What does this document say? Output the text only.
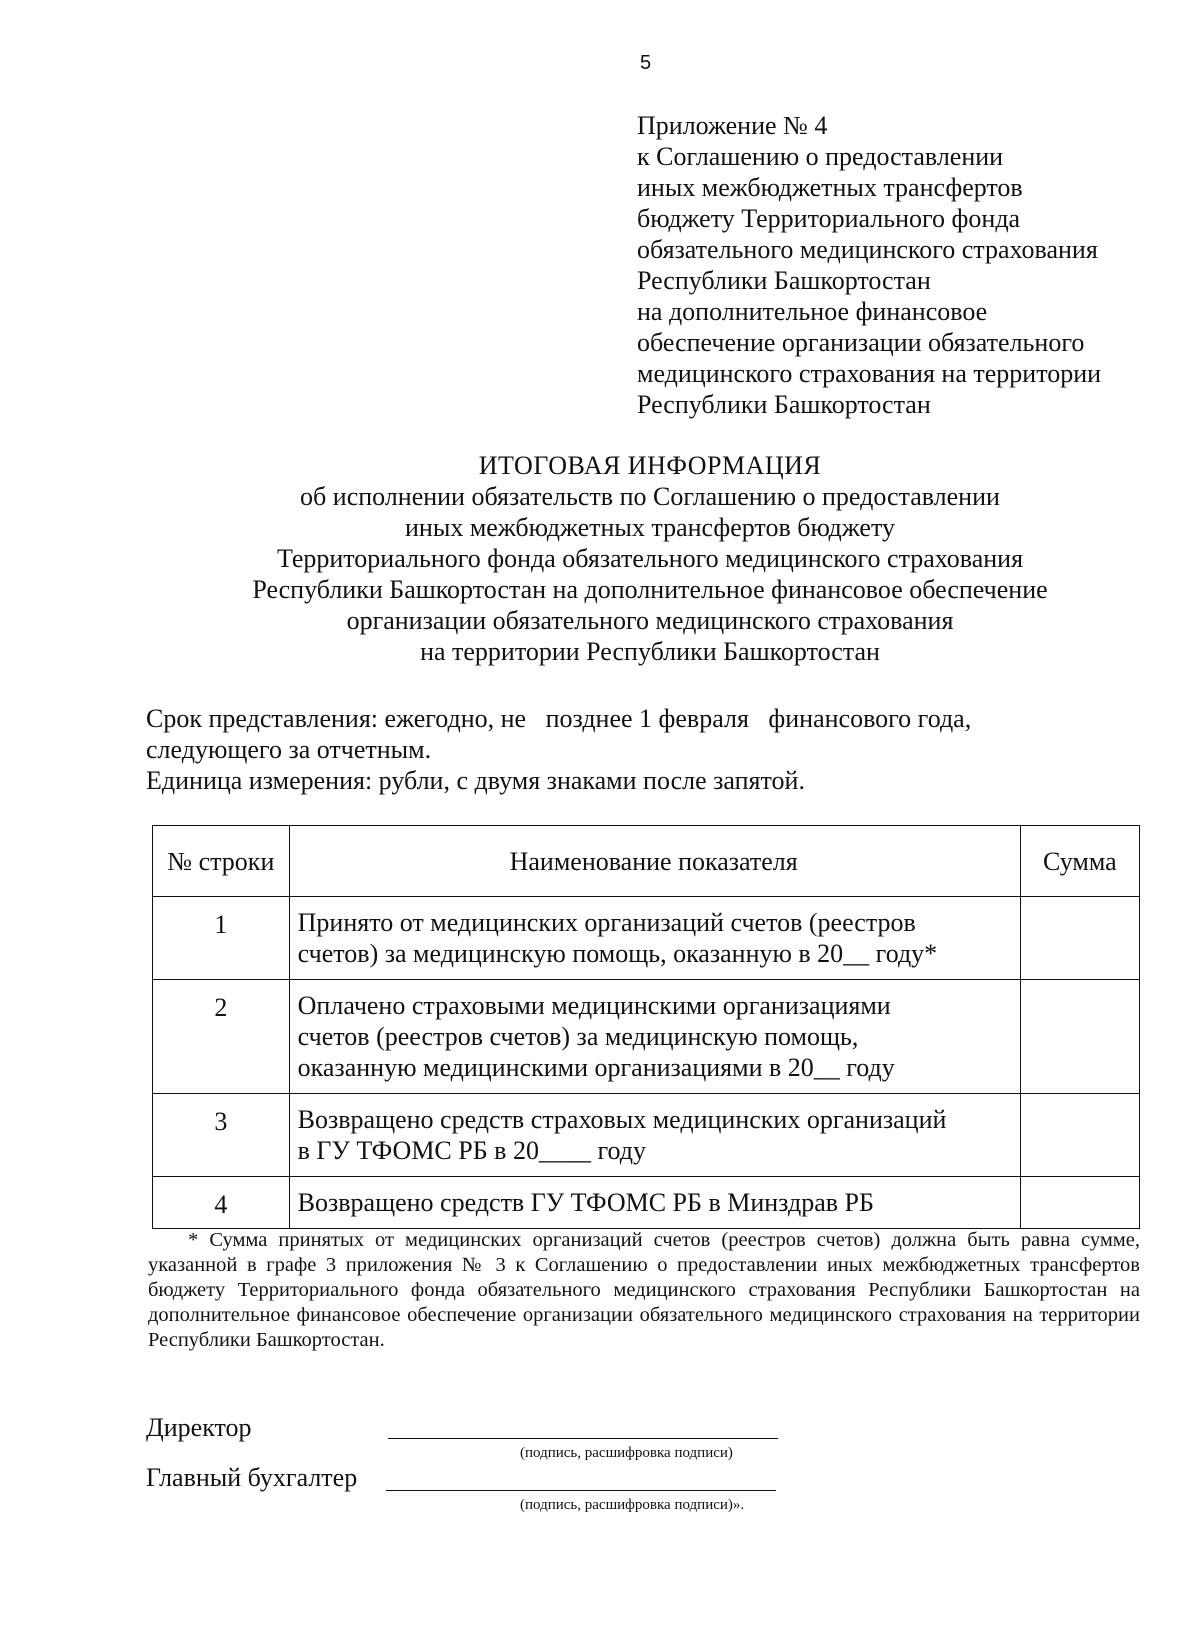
5
Приложение № 4
к Соглашению о предоставлении
иных межбюджетных трансфертов
бюджету Территориального фонда
обязательного медицинского страхования
Республики Башкортостан
на дополнительное финансовое
обеспечение организации обязательного
медицинского страхования на территории
Республики Башкортостан
ИТОГОВАЯ ИНФОРМАЦИЯ
об исполнении обязательств по Соглашению о предоставлении
иных межбюджетных трансфертов бюджету
Территориального фонда обязательного медицинского страхования
Республики Башкортостан на дополнительное финансовое обеспечение
организации обязательного медицинского страхования
на территории Республики Башкортостан
Срок представления: ежегодно, не   позднее 1 февраля   финансового года,
следующего за отчетным.
Единица измерения: рубли, с двумя знаками после запятой.
№ строки	Наименование показателя	Сумма
1	Принято от медицинских организаций счетов (реестров
счетов) за медицинскую помощь, оказанную в 20__ году*	

2	Оплачено страховыми медицинскими организациями
счетов (реестров счетов) за медицинскую помощь,
оказанную медицинскими организациями в 20__ году	

3	Возвращено средств страховых медицинских организаций
в ГУ ТФОМС РБ в 20____ году	

4	Возвращено средств ГУ ТФОМС РБ в Минздрав РБ	

* Сумма принятых от медицинских организаций счетов (реестров счетов) должна быть равна сумме, указанной в графе 3 приложения № 3 к Соглашению о предоставлении иных межбюджетных трансфертов бюджету Территориального фонда обязательного медицинского страхования Республики Башкортостан на дополнительное финансовое обеспечение организации обязательного медицинского страхования на территории Республики Башкортостан.
Директор
(подпись, расшифровка подписи)
Главный бухгалтер
(подпись, расшифровка подписи)».
